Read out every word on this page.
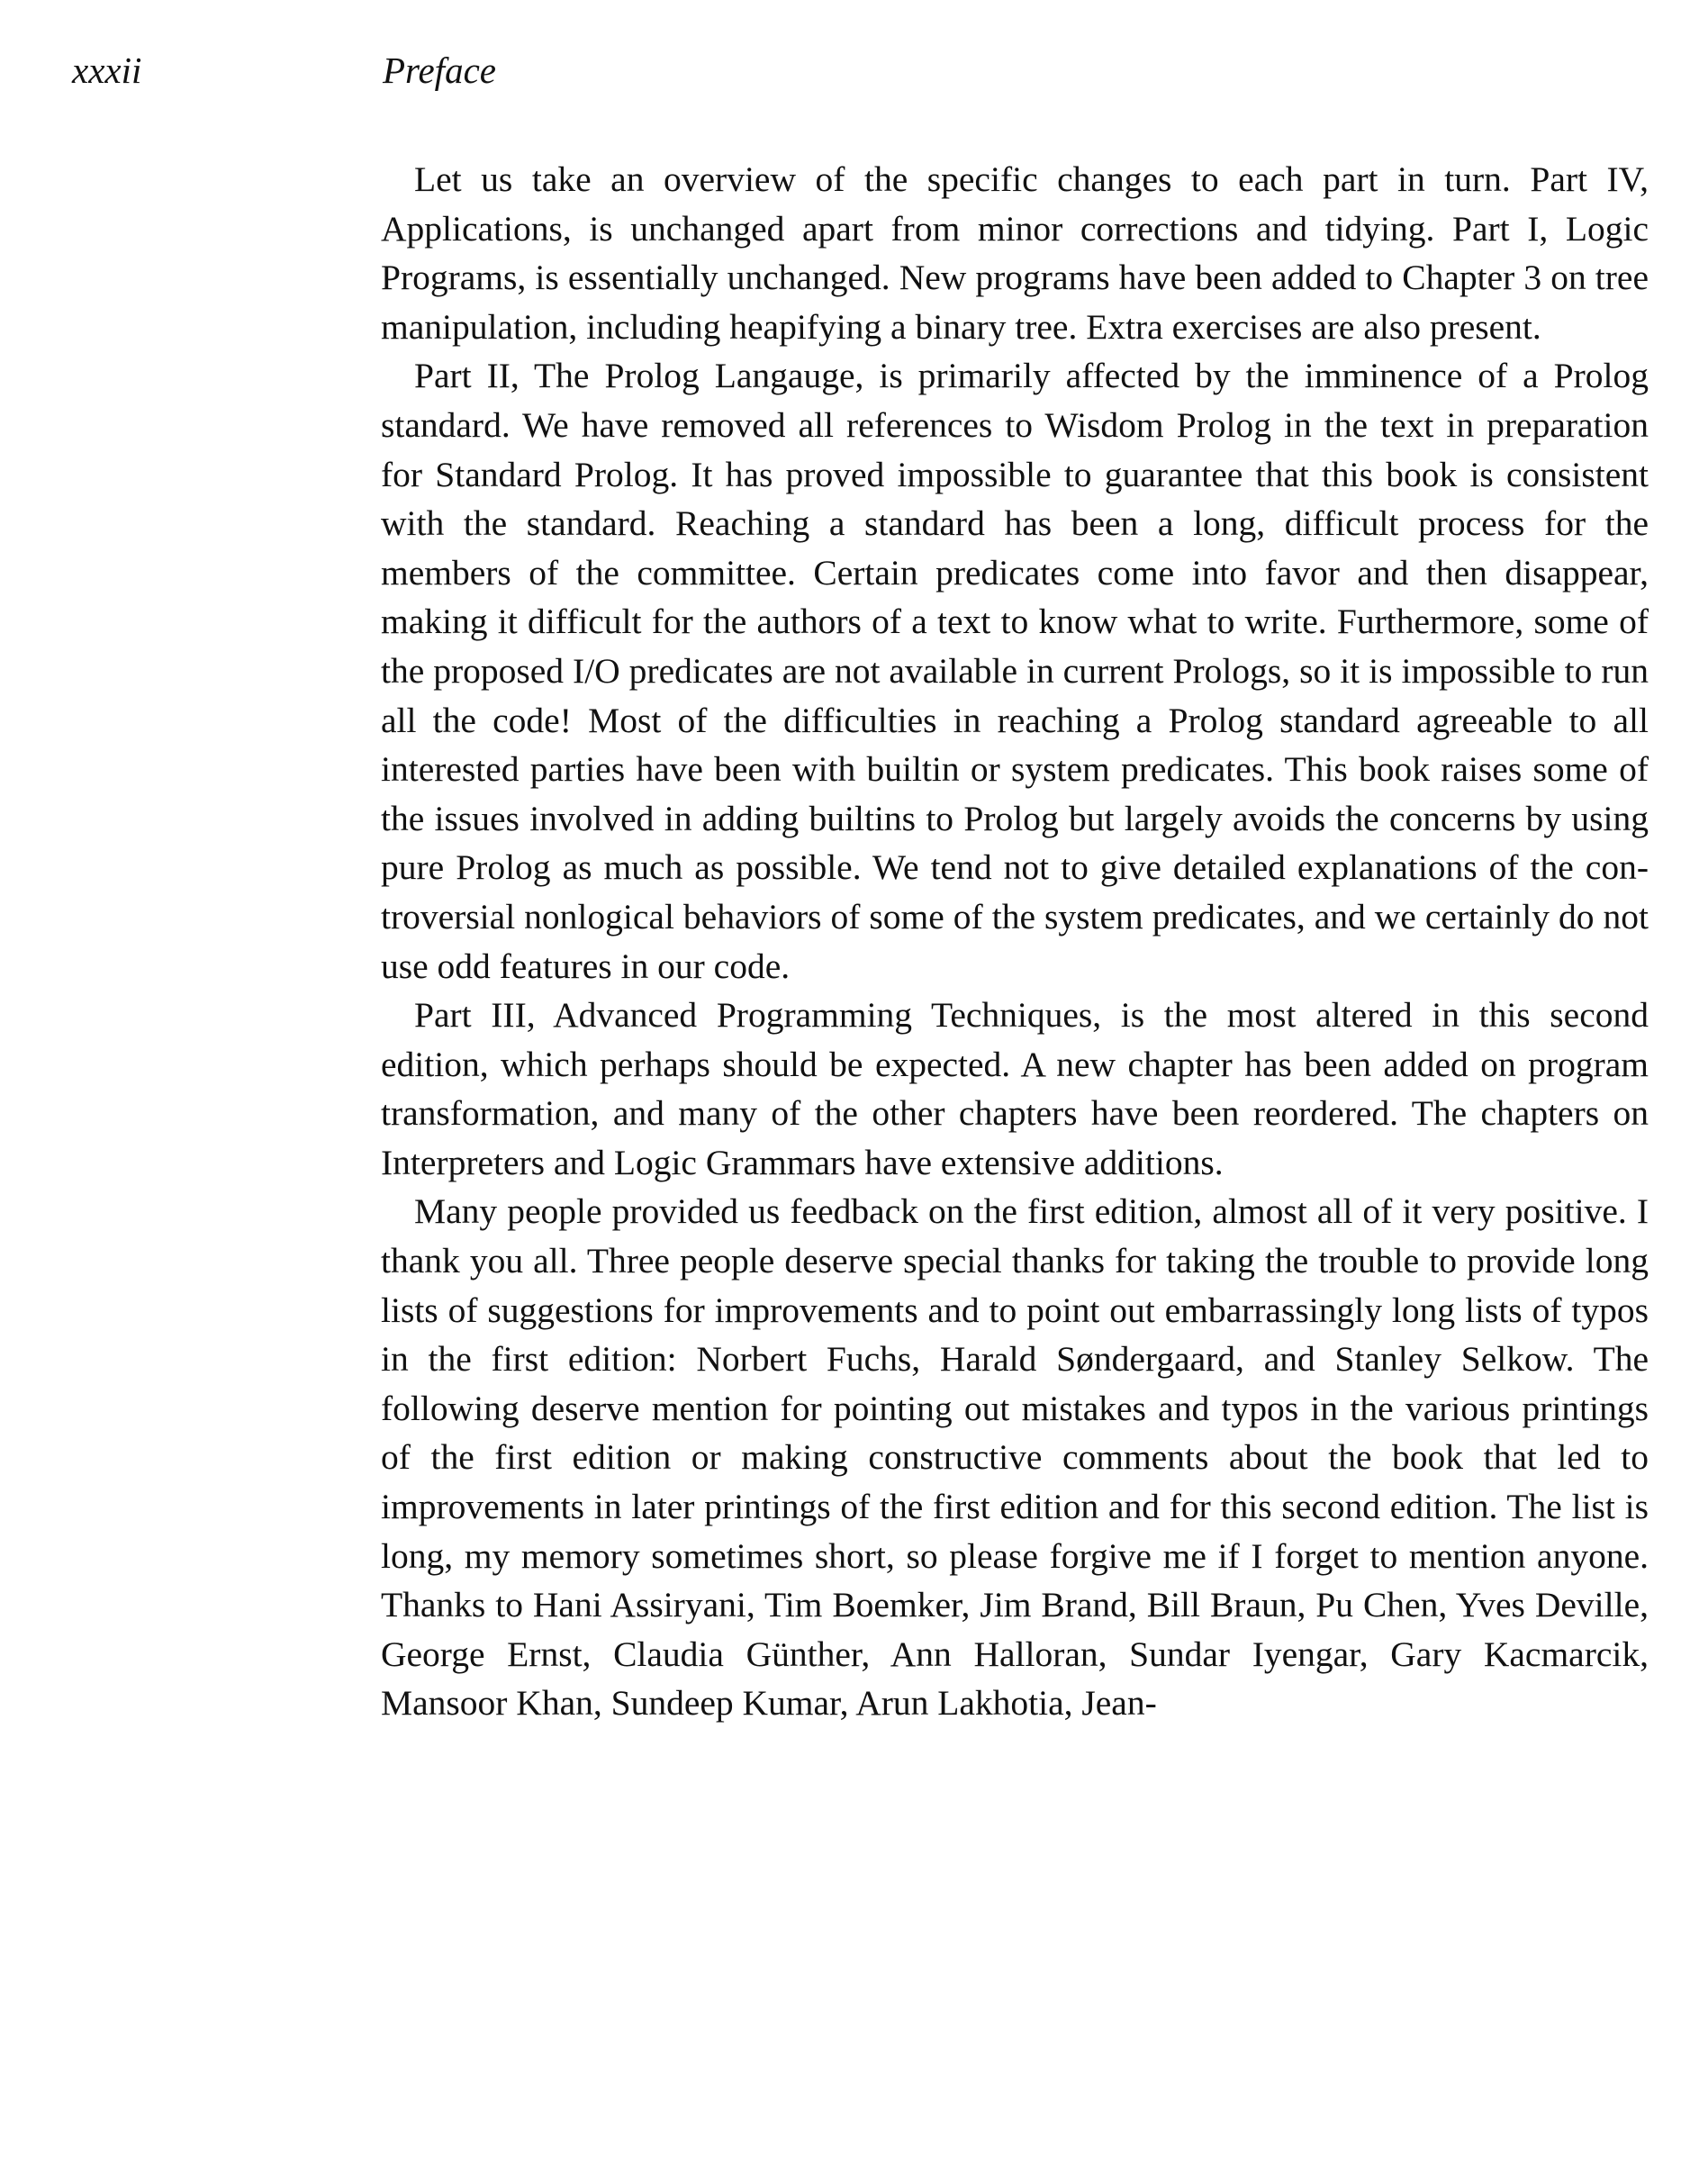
xxxii	Preface

Let us take an overview of the specific changes to each part in turn. Part IV, Applications, is unchanged apart from minor corrections and tidying. Part I, Logic Programs, is essentially unchanged. New programs have been added to Chapter 3 on tree manipulation, including heapifying a binary tree. Extra exercises are also present.

Part II, The Prolog Langauge, is primarily affected by the imminence of a Prolog standard. We have removed all references to Wisdom Prolog in the text in preparation for Standard Prolog. It has proved impossible to guarantee that this book is consistent with the standard. Reaching a standard has been a long, difficult process for the members of the committee. Certain predicates come into favor and then disappear, making it difficult for the authors of a text to know what to write. Furthermore, some of the proposed I/O predicates are not available in current Prologs, so it is impossible to run all the code! Most of the difficulties in reaching a Prolog standard agreeable to all interested parties have been with builtin or system predicates. This book raises some of the issues involved in adding builtins to Prolog but largely avoids the concerns by using pure Prolog as much as possible. We tend not to give detailed explanations of the controversial nonlogical behaviors of some of the system predicates, and we certainly do not use odd features in our code.

Part III, Advanced Programming Techniques, is the most altered in this second edition, which perhaps should be expected. A new chapter has been added on program transformation, and many of the other chapters have been reordered. The chapters on Interpreters and Logic Grammars have extensive additions.

Many people provided us feedback on the first edition, almost all of it very positive. I thank you all. Three people deserve special thanks for taking the trouble to provide long lists of suggestions for improvements and to point out embarrassingly long lists of typos in the first edition: Norbert Fuchs, Harald Søndergaard, and Stanley Selkow. The following deserve mention for pointing out mistakes and typos in the various printings of the first edition or making constructive comments about the book that led to improvements in later printings of the first edition and for this second edition. The list is long, my memory sometimes short, so please forgive me if I forget to mention anyone. Thanks to Hani Assiryani, Tim Boemker, Jim Brand, Bill Braun, Pu Chen, Yves Deville, George Ernst, Claudia Günther, Ann Halloran, Sundar Iyengar, Gary Kacmarcik, Mansoor Khan, Sundeep Kumar, Arun Lakhotia, Jean-
